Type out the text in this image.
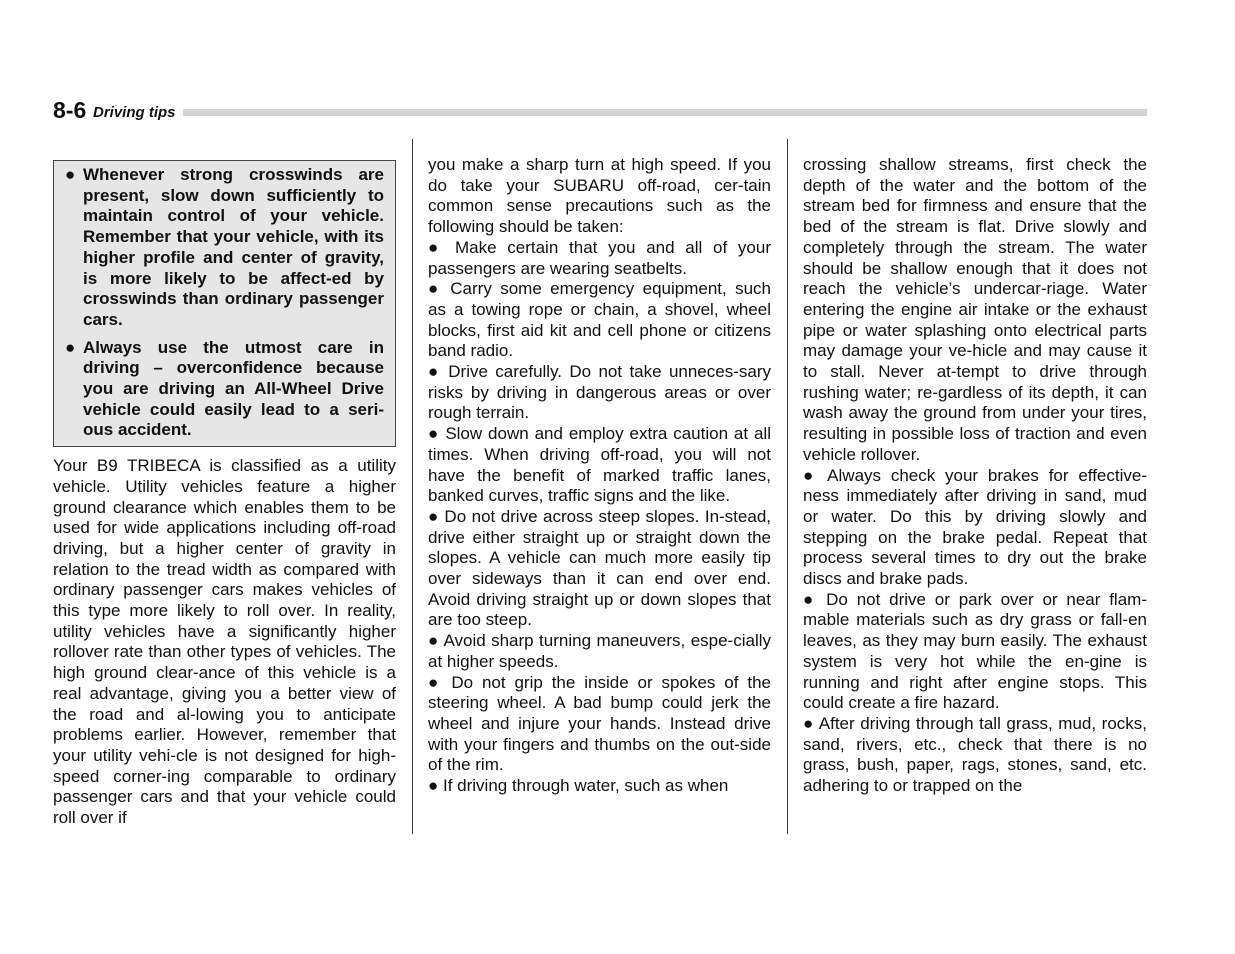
8-6 Driving tips
● Whenever strong crosswinds are present, slow down sufficiently to maintain control of your vehicle. Remember that your vehicle, with its higher profile and center of gravity, is more likely to be affect-ed by crosswinds than ordinary passenger cars.
● Always use the utmost care in driving – overconfidence because you are driving an All-Wheel Drive vehicle could easily lead to a seri-ous accident.

Your B9 TRIBECA is classified as a utility vehicle. Utility vehicles feature a higher ground clearance which enables them to be used for wide applications including off-road driving, but a higher center of gravity in relation to the tread width as compared with ordinary passenger cars makes vehicles of this type more likely to roll over. In reality, utility vehicles have a significantly higher rollover rate than other types of vehicles. The high ground clear-ance of this vehicle is a real advantage, giving you a better view of the road and al-lowing you to anticipate problems earlier. However, remember that your utility vehi-cle is not designed for high-speed corner-ing comparable to ordinary passenger cars and that your vehicle could roll over if

you make a sharp turn at high speed. If you do take your SUBARU off-road, cer-tain common sense precautions such as the following should be taken:

● Make certain that you and all of your passengers are wearing seatbelts.

● Carry some emergency equipment, such as a towing rope or chain, a shovel, wheel blocks, first aid kit and cell phone or citizens band radio.

● Drive carefully. Do not take unneces-sary risks by driving in dangerous areas or over rough terrain.

● Slow down and employ extra caution at all times. When driving off-road, you will not have the benefit of marked traffic lanes, banked curves, traffic signs and the like.

● Do not drive across steep slopes. In-stead, drive either straight up or straight down the slopes. A vehicle can much more easily tip over sideways than it can end over end. Avoid driving straight up or down slopes that are too steep.

● Avoid sharp turning maneuvers, espe-cially at higher speeds.

● Do not grip the inside or spokes of the steering wheel. A bad bump could jerk the wheel and injure your hands. Instead drive with your fingers and thumbs on the out-side of the rim.

● If driving through water, such as when

crossing shallow streams, first check the depth of the water and the bottom of the stream bed for firmness and ensure that the bed of the stream is flat. Drive slowly and completely through the stream. The water should be shallow enough that it does not reach the vehicle’s undercar-riage. Water entering the engine air intake or the exhaust pipe or water splashing onto electrical parts may damage your ve-hicle and may cause it to stall. Never at-tempt to drive through rushing water; re-gardless of its depth, it can wash away the ground from under your tires, resulting in possible loss of traction and even vehicle rollover.

● Always check your brakes for effective-ness immediately after driving in sand, mud or water. Do this by driving slowly and stepping on the brake pedal. Repeat that process several times to dry out the brake discs and brake pads.

● Do not drive or park over or near flam-mable materials such as dry grass or fall-en leaves, as they may burn easily. The exhaust system is very hot while the en-gine is running and right after engine stops. This could create a fire hazard.

● After driving through tall grass, mud, rocks, sand, rivers, etc., check that there is no grass, bush, paper, rags, stones, sand, etc. adhering to or trapped on the
